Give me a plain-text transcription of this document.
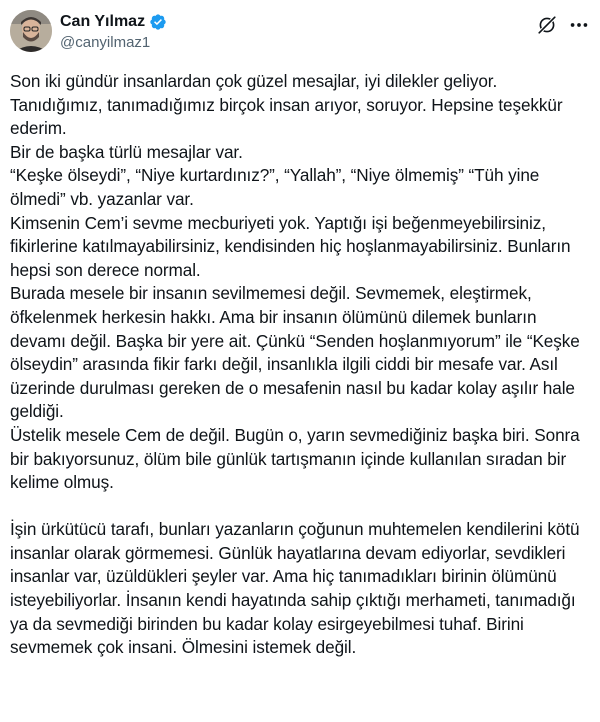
Can Yılmaz
@canyilmaz1

Son iki gündür insanlardan çok güzel mesajlar, iyi dilekler geliyor. Tanıdığımız, tanımadığımız birçok insan arıyor, soruyor. Hepsine teşekkür ederim.

Bir de başka türlü mesajlar var.

“Keşke ölseydi”, “Niye kurtardınız?”, “Yallah”, “Niye ölmemiş” “Tüh yine ölmedi” vb. yazanlar var.

Kimsenin Cem’i sevme mecburiyeti yok. Yaptığı işi beğenmeyebilirsiniz, fikirlerine katılmayabilirsiniz, kendisinden hiç hoşlanmayabilirsiniz. Bunların hepsi son derece normal.

Burada mesele bir insanın sevilmemesi değil. Sevmemek, eleştirmek, öfkelenmek herkesin hakkı. Ama bir insanın ölümünü dilemek bunların devamı değil. Başka bir yere ait. Çünkü “Senden hoşlanmıyorum” ile “Keşke ölseydin” arasında fikir farkı değil, insanlıkla ilgili ciddi bir mesafe var. Asıl üzerinde durulması gereken de o mesafenin nasıl bu kadar kolay aşılır hale geldiği.

Üstelik mesele Cem de değil. Bugün o, yarın sevmediğiniz başka biri. Sonra bir bakıyorsunuz, ölüm bile günlük tartışmanın içinde kullanılan sıradan bir kelime olmuş.

İşin ürkütücü tarafı, bunları yazanların çoğunun muhtemelen kendilerini kötü insanlar olarak görmemesi. Günlük hayatlarına devam ediyorlar, sevdikleri insanlar var, üzüldükleri şeyler var. Ama hiç tanımadıkları birinin ölümünü isteyebiliyorlar. İnsanın kendi hayatında sahip çıktığı merhameti, tanımadığı ya da sevmediği birinden bu kadar kolay esirgeyebilmesi tuhaf. Birini sevmemek çok insani. Ölmesini istemek değil.
